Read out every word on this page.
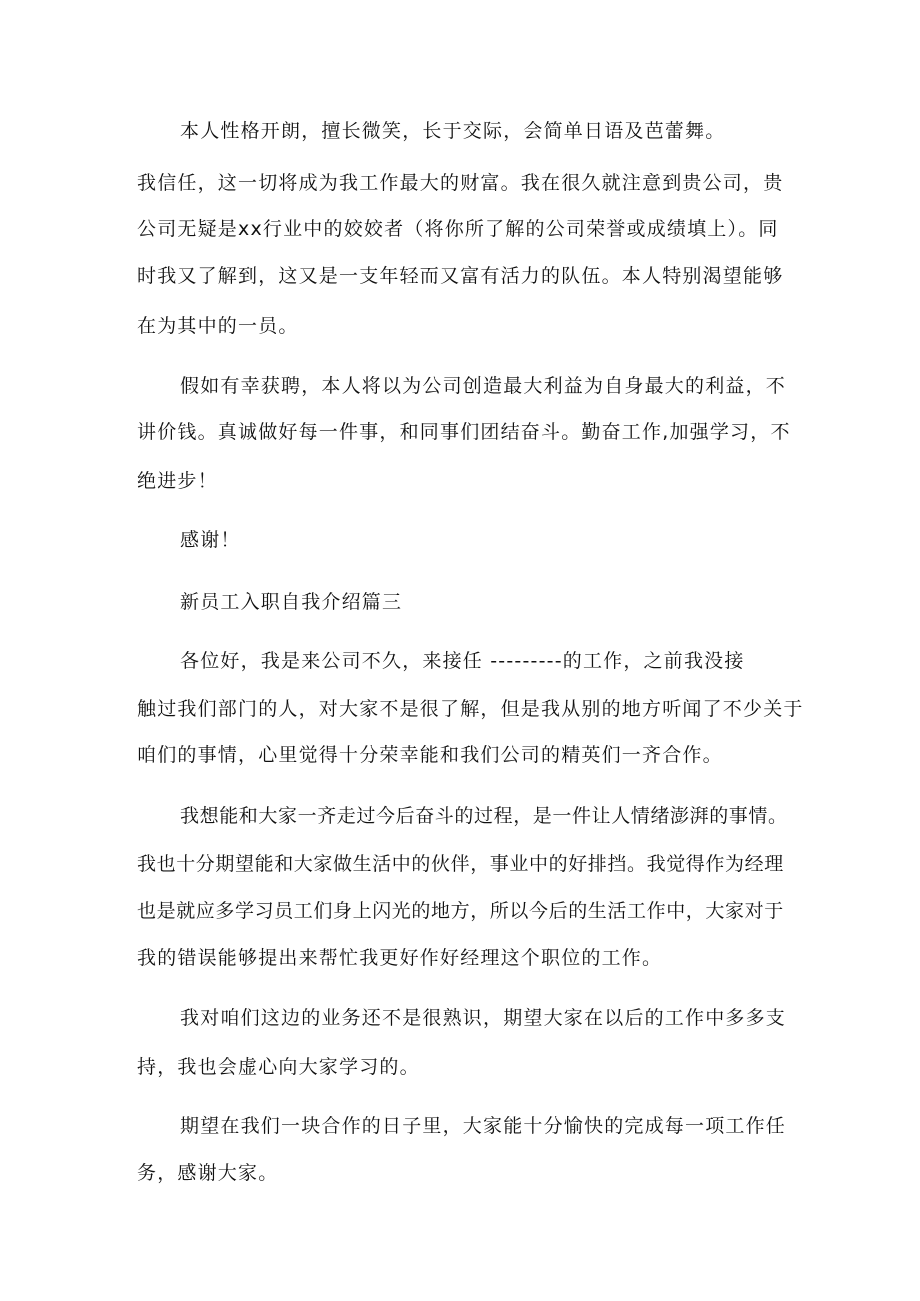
本人性格开朗，擅长微笑，长于交际，会简单日语及芭蕾舞。
我信任，这一切将成为我工作最大的财富。我在很久就注意到贵公司，贵
公司无疑是xx行业中的姣姣者（将你所了解的公司荣誉或成绩填上）。同
时我又了解到，这又是一支年轻而又富有活力的队伍。本人特别渴望能够
在为其中的一员。
假如有幸获聘，本人将以为公司创造最大利益为自身最大的利益，不
讲价钱。真诚做好每一件事，和同事们团结奋斗。勤奋工作,加强学习，不
绝进步！
感谢！
新员工入职自我介绍篇三
各位好，我是来公司不久，来接任 ---------的工作，之前我没接
触过我们部门的人，对大家不是很了解，但是我从别的地方听闻了不少关于
咱们的事情，心里觉得十分荣幸能和我们公司的精英们一齐合作。
我想能和大家一齐走过今后奋斗的过程，是一件让人情绪澎湃的事情。
我也十分期望能和大家做生活中的伙伴，事业中的好排挡。我觉得作为经理
也是就应多学习员工们身上闪光的地方，所以今后的生活工作中，大家对于
我的错误能够提出来帮忙我更好作好经理这个职位的工作。
我对咱们这边的业务还不是很熟识，期望大家在以后的工作中多多支
持，我也会虚心向大家学习的。
期望在我们一块合作的日子里，大家能十分愉快的完成每一项工作任
务，感谢大家。
